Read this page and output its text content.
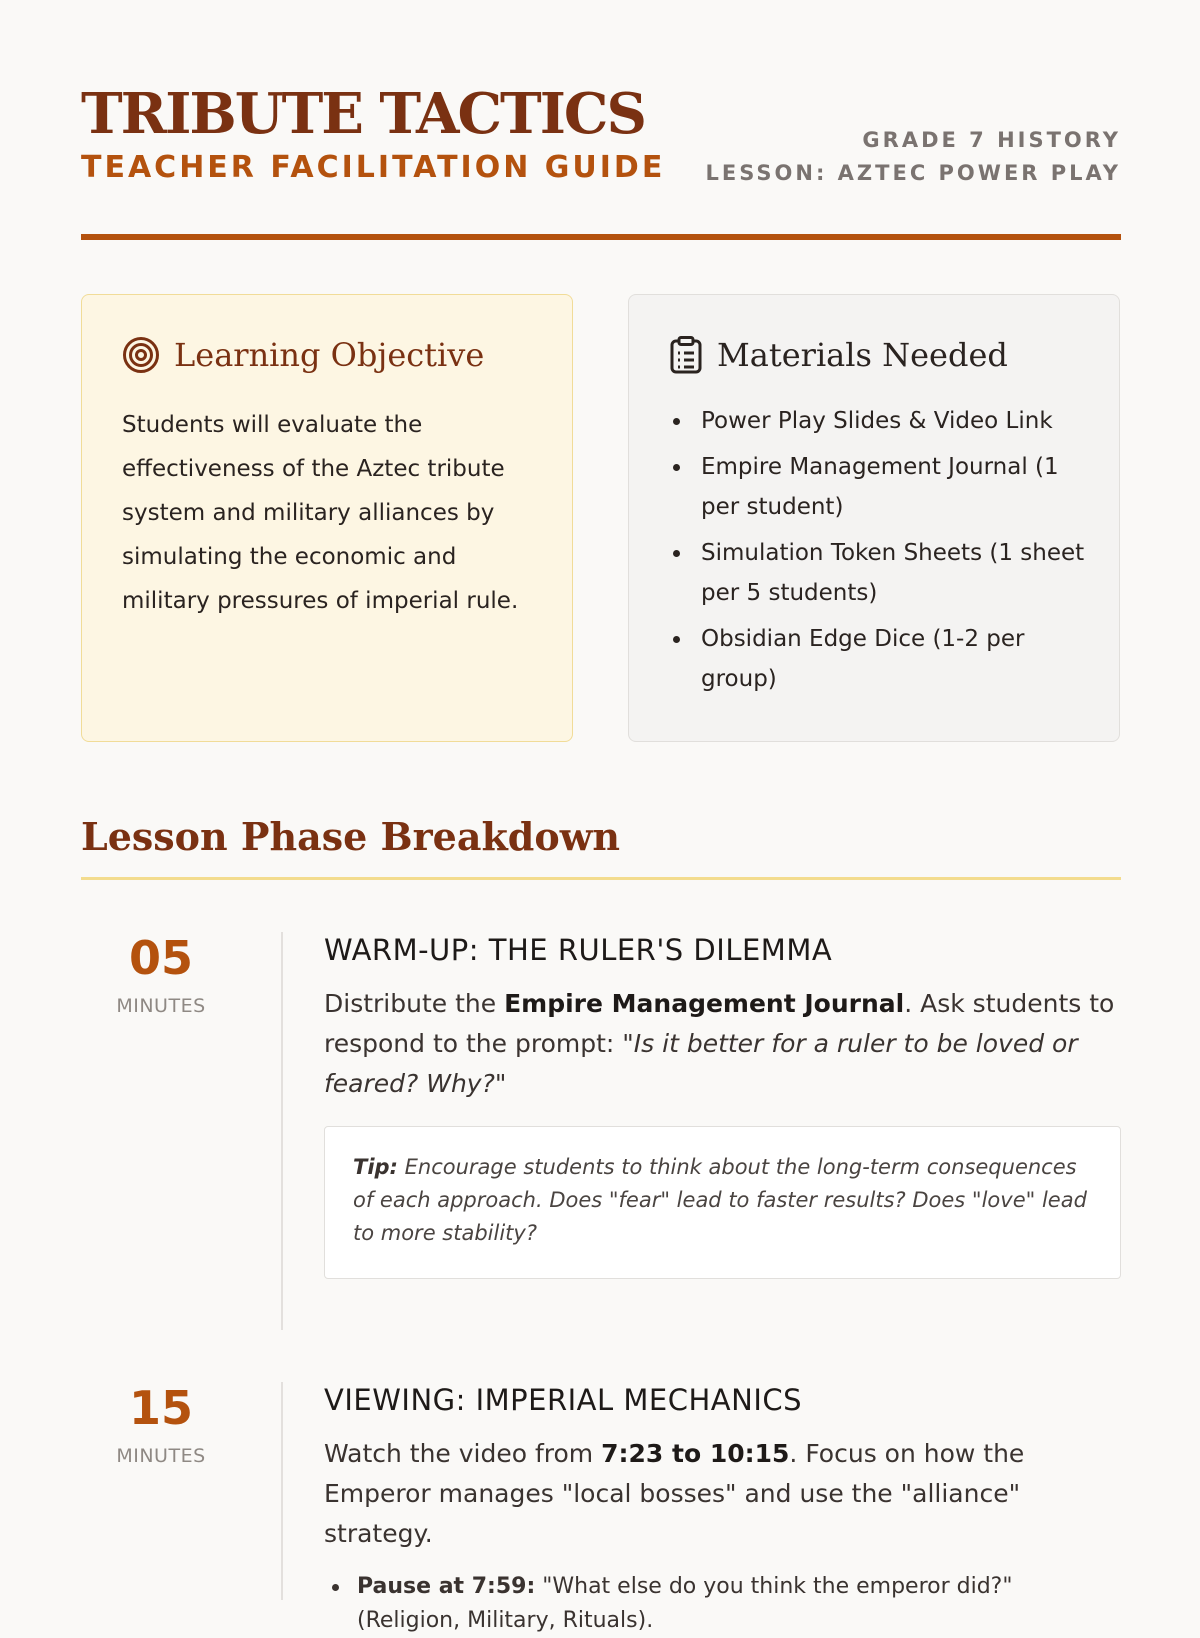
TRIBUTE TACTICS
TEACHER FACILITATION GUIDE
GRADE 7 HISTORY
LESSON: AZTEC POWER PLAY
Learning Objective

Students will evaluate the effectiveness of the Aztec tribute system and military alliances by simulating the economic and military pressures of imperial rule.

Materials Needed
Power Play Slides & Video Link
Empire Management Journal (1 per student)
Simulation Token Sheets (1 sheet per 5 students)
Obsidian Edge Dice (1-2 per group)
Lesson Phase Breakdown
05
MINUTES
WARM-UP: THE RULER'S DILEMMA
Distribute the Empire Management Journal. Ask students to respond to the prompt: "Is it better for a ruler to be loved or feared? Why?"
Tip: Encourage students to think about the long-term consequences of each approach. Does "fear" lead to faster results? Does "love" lead to more stability?
15
MINUTES
VIEWING: IMPERIAL MECHANICS
Watch the video from 7:23 to 10:15. Focus on how the Emperor manages "local bosses" and use the "alliance" strategy.
Pause at 7:59: "What else do you think the emperor did?" (Religion, Military, Rituals).
